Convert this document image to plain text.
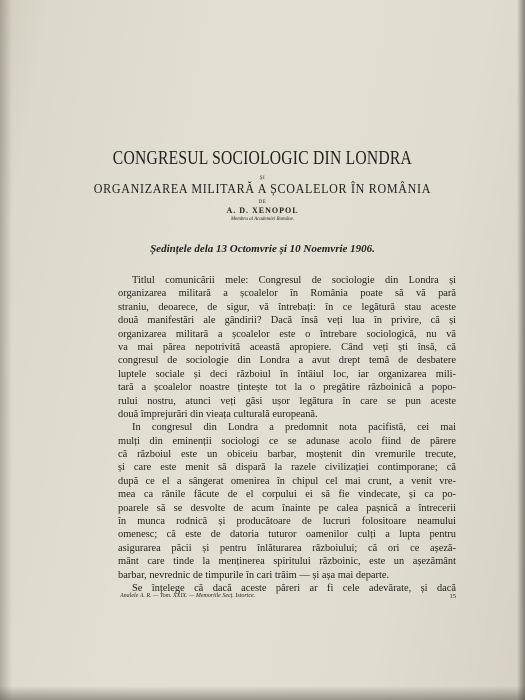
CONGRESUL SOCIOLOGIC DIN LONDRA
ȘI
ORGANIZAREA MILITARĂ A ȘCOALELOR ÎN ROMÂNIA
DE
A. D. XENOPOL
Membru al Academiei Române.
Ședințele dela 13 Octomvrie și 10 Noemvrie 1906.
Titlul comunicării mele: Congresul de sociologie din Londra și
organizarea militară a școalelor în România poate să vă pară
straniu, deoarece, de sigur, vă întrebați: în ce legătură stau aceste
două manifestări ale gândirii? Dacă însă veți lua în privire, că și
organizarea militară a școalelor este o întrebare sociologică, nu vă
va mai părea nepotrivită această apropiere. Când veți ști însă, că
congresul de sociologie din Londra a avut drept temă de desbatere
luptele sociale și deci războiul în întâiul loc, iar organizarea mili-
tară a școalelor noastre țintește tot la o pregătire războinică a popo-
rului nostru, atunci veți găsi ușor legătura în care se pun aceste
două împrejurări din vieața culturală europeană.
In congresul din Londra a predomnit nota pacifistă, cei mai
mulți din eminenții sociologi ce se adunase acolo fiind de părere
că războiul este un obiceiu barbar, moștenit din vremurile trecute,
și care este menit să dispară la razele civilizației contimporane; că
după ce el a sângerat omenirea în chipul cel mai crunt, a venit vre-
mea ca rănile făcute de el corpului ei să fie vindecate, și ca po-
poarele să se desvolte de acum înainte pe calea pașnică a întrecerii
în munca rodnică și producătoare de lucruri folositoare neamului
omenesc; că este de datoria tuturor oamenilor culți a lupta pentru
asigurarea păcii și pentru înlăturarea războiului; că ori ce așeză-
mânt care tinde la menținerea spiritului războinic, este un așezământ
barbar, nevrednic de timpurile în cari trăim — și așa mai departe.
Se înțelege că dacă aceste păreri ar fi cele adevărate, și dacă
Analele A. R. — Tom. XXIX. — Memoriile Secț. Istorice.	15
